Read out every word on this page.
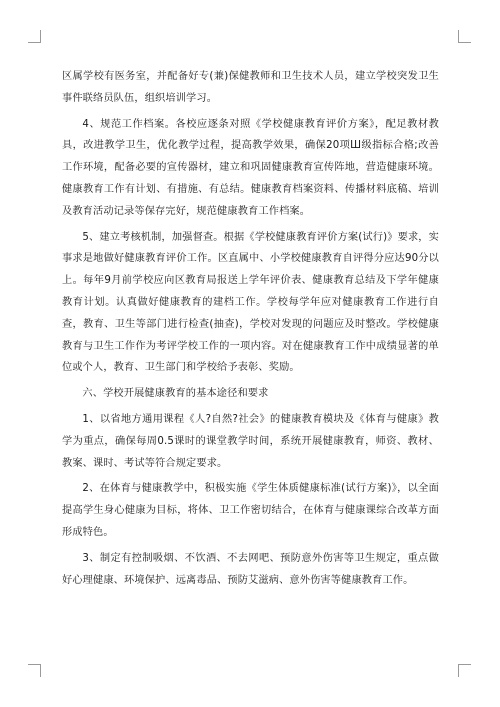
区属学校有医务室，并配备好专(兼)保健教师和卫生技术人员，建立学校突发卫生事件联络员队伍，组织培训学习。

4、规范工作档案。各校应逐条对照《学校健康教育评价方案》，配足教材教具，改进教学卫生，优化教学过程，提高教学效果，确保20项Ш级指标合格;改善工作环境，配备必要的宣传器材，建立和巩固健康教育宣传阵地，营造健康环境。健康教育工作有计划、有措施、有总结。健康教育档案资料、传播材料底稿、培训及教育活动记录等保存完好，规范健康教育工作档案。

5、建立考核机制，加强督查。根据《学校健康教育评价方案(试行)》要求，实事求是地做好健康教育评价工作。区直属中、小学校健康教育自评得分应达90分以上。每年9月前学校应向区教育局报送上学年评价表、健康教育总结及下学年健康教育计划。认真做好健康教育的建档工作。学校每学年应对健康教育工作进行自查，教育、卫生等部门进行检查(抽查)，学校对发现的问题应及时整改。学校健康教育与卫生工作作为考评学校工作的一项内容。对在健康教育工作中成绩显著的单位或个人，教育、卫生部门和学校给予表彰、奖励。

六、学校开展健康教育的基本途径和要求

1、以省地方通用课程《人?自然?社会》的健康教育模块及《体育与健康》教学为重点，确保每周0.5课时的课堂教学时间，系统开展健康教育，师资、教材、教案、课时、考试等符合规定要求。

2、在体育与健康教学中，积极实施《学生体质健康标准(试行方案)》，以全面提高学生身心健康为目标，将体、卫工作密切结合，在体育与健康课综合改革方面形成特色。

3、制定有控制吸烟、不饮酒、不去网吧、预防意外伤害等卫生规定，重点做好心理健康、环境保护、远离毒品、预防艾滋病、意外伤害等健康教育工作。
